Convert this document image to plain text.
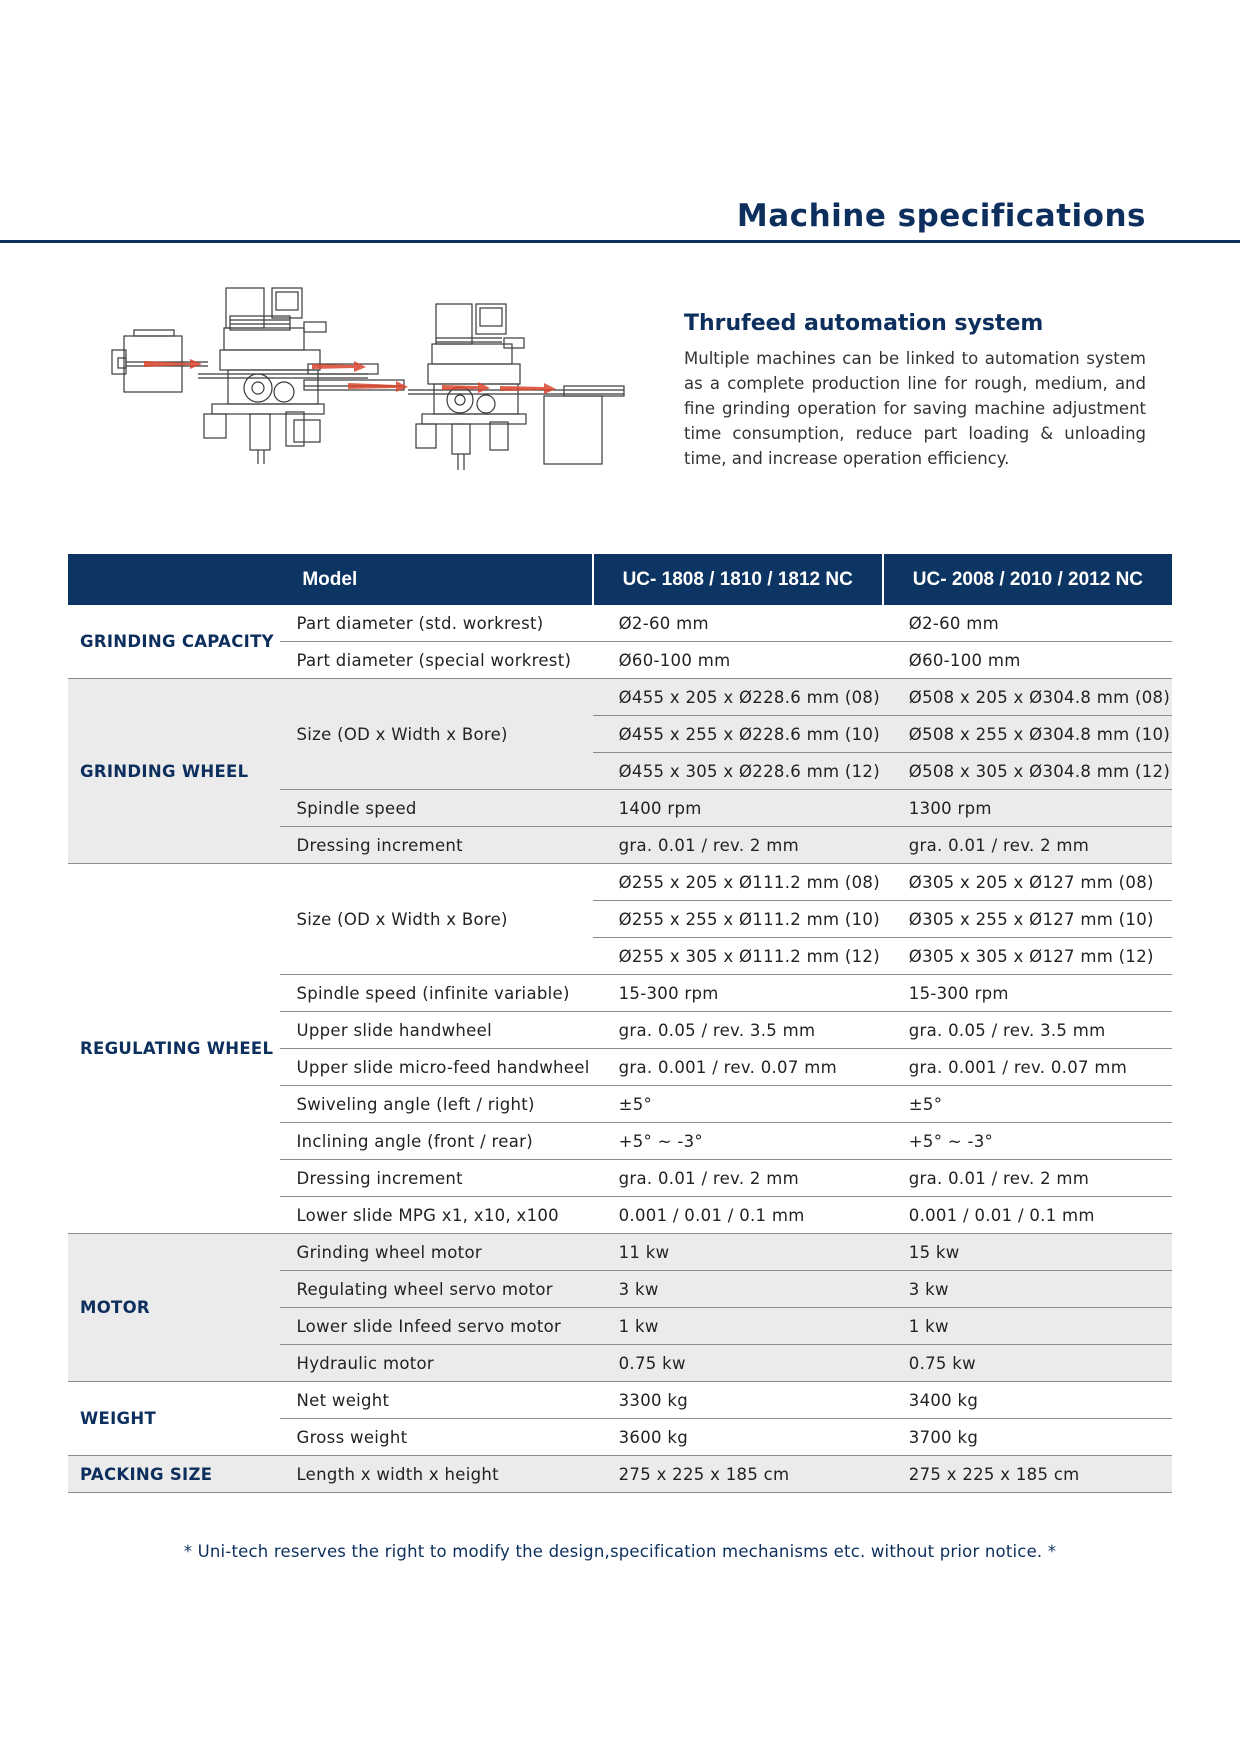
Machine specifications
Thrufeed automation system
Multiple machines can be linked to automation system as a complete production line for rough, medium, and fine grinding operation for saving machine adjustment time consumption, reduce part loading & unloading time, and increase operation efficiency.
Model		UC- 1808 / 1810 / 1812 NC	UC- 2008 / 2010 / 2012 NC
GRINDING CAPACITY	Part diameter (std. workrest)	Ø2-60 mm	Ø2-60 mm
	Part diameter (special workrest)	Ø60-100 mm	Ø60-100 mm
GRINDING WHEEL	Size (OD x Width x Bore)	Ø455 x 205 x Ø228.6 mm (08)	Ø508 x 205 x Ø304.8 mm (08)
		Ø455 x 255 x Ø228.6 mm (10)	Ø508 x 255 x Ø304.8 mm (10)
		Ø455 x 305 x Ø228.6 mm (12)	Ø508 x 305 x Ø304.8 mm (12)
	Spindle speed	1400 rpm	1300 rpm
	Dressing increment	gra. 0.01 / rev. 2 mm	gra. 0.01 / rev. 2 mm
REGULATING WHEEL	Size (OD x Width x Bore)	Ø255 x 205 x Ø111.2 mm (08)	Ø305 x 205 x Ø127 mm (08)
		Ø255 x 255 x Ø111.2 mm (10)	Ø305 x 255 x Ø127 mm (10)
		Ø255 x 305 x Ø111.2 mm (12)	Ø305 x 305 x Ø127 mm (12)
	Spindle speed (infinite variable)	15-300 rpm	15-300 rpm
	Upper slide handwheel	gra. 0.05 / rev. 3.5 mm	gra. 0.05 / rev. 3.5 mm
	Upper slide micro-feed handwheel	gra. 0.001 / rev. 0.07 mm	gra. 0.001 / rev. 0.07 mm
	Swiveling angle (left / right)	±5°	±5°
	Inclining angle (front / rear)	+5° ~ -3°	+5° ~ -3°
	Dressing increment	gra. 0.01 / rev. 2 mm	gra. 0.01 / rev. 2 mm
	Lower slide MPG x1, x10, x100	0.001 / 0.01 / 0.1 mm	0.001 / 0.01 / 0.1 mm
MOTOR	Grinding wheel motor	11 kw	15 kw
	Regulating wheel servo motor	3 kw	3 kw
	Lower slide Infeed servo motor	1 kw	1 kw
	Hydraulic motor	0.75 kw	0.75 kw
WEIGHT	Net weight	3300 kg	3400 kg
	Gross weight	3600 kg	3700 kg
PACKING SIZE	Length x width x height	275 x 225 x 185 cm	275 x 225 x 185 cm
* Uni-tech reserves the right to modify the design,specification mechanisms etc. without prior notice. *
